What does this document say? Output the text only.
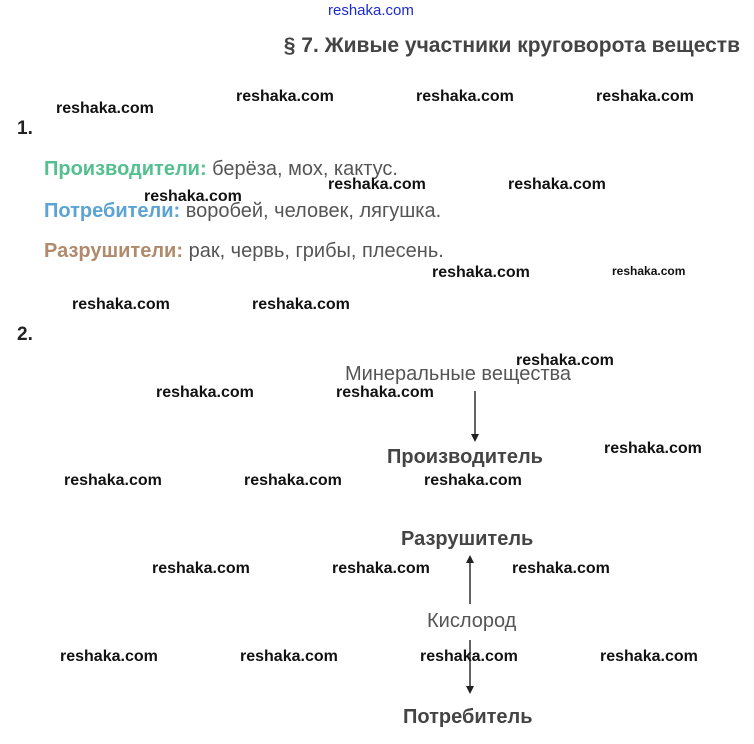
reshaka.com
§ 7. Живые участники круговорота веществ
1.
Производители: берёза, мох, кактус.
Потребители: воробей, человек, лягушка.
Разрушители: рак, червь, грибы, плесень.
2.
Минеральные вещества
Производитель
Разрушитель
Кислород
Потребитель
reshaka.com
reshaka.com	reshaka.com	reshaka.com
reshaka.com
reshaka.com	reshaka.com
reshaka.com	reshaka.com
reshaka.com	reshaka.com
reshaka.com
reshaka.com	reshaka.com
reshaka.com
reshaka.com	reshaka.com	reshaka.com
reshaka.com	reshaka.com	reshaka.com
reshaka.com	reshaka.com	reshaka.com	reshaka.com
